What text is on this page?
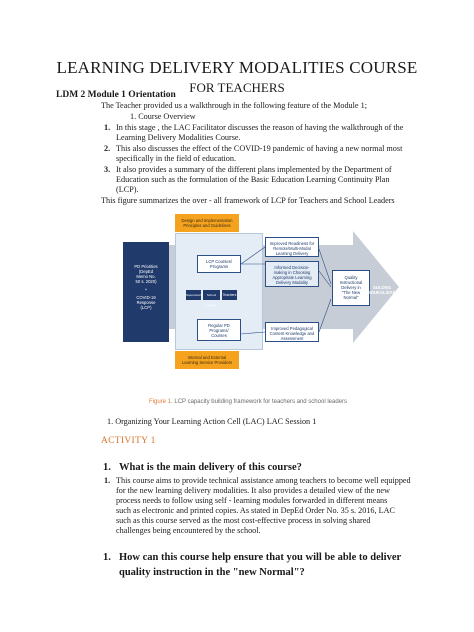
LEARNING DELIVERY MODALITIES COURSE
FOR TEACHERS
LDM 2 Module 1 Orientation
The Teacher provided us a walkthrough in the following feature of the Module 1;
1. Course Overview
1. In this stage , the LAC Facilitator discusses the reason of having the walkthrough of the
Learning Delivery Modalities Course.
2. This also discusses the effect of the COVID-19 pandemic of having a new normal most
specifically in the field of education.
3. It also provides a summary of the different plans implemented by the Department of
Education such as the formulation of the Basic Education Learning Continuity Plan
(LCP).
This figure summarizes the over - all framework of LCP for Teachers and School Leaders
Design and Implementation
Principles and Guidelines
PD Priorities
(DepEd
Memo No.
50 s. 2020)
+
COVID-19
Response
(LCP)
LCP Courses/
Programs
Supervisors	School Leaders
Teachers
Regular PD
Programs/
Courses
Internal and External
Learning Service Providers
Improved Readiness for
Remote/Multi-Modal
Learning Delivery
Informed Decision-
making in Choosing
Appropriate Learning
Delivery Modality
Improved Pedagogical
Content Knowledge and
Assessment
Quality
Instructional
Delivery in
"The New
Normal"
SULONG
EDUKALIDAD
Figure 1. LCP capacity building framework for teachers and school leaders
1. Organizing Your Learning Action Cell (LAC) LAC Session 1
ACTIVITY 1
1. What is the main delivery of this course?
1. This course aims to provide technical assistance among teachers to become well equipped
for the new learning delivery modalities. It also provides a detailed view of the new
process needs to follow using self - learning modules forwarded in different means
such as electronic and printed copies. As stated in DepEd Order No. 35 s. 2016, LAC
such as this course served as the most cost-effective process in solving shared
challenges being encountered by the school.
1. How can this course help ensure that you will be able to deliver
quality instruction in the "new Normal"?
